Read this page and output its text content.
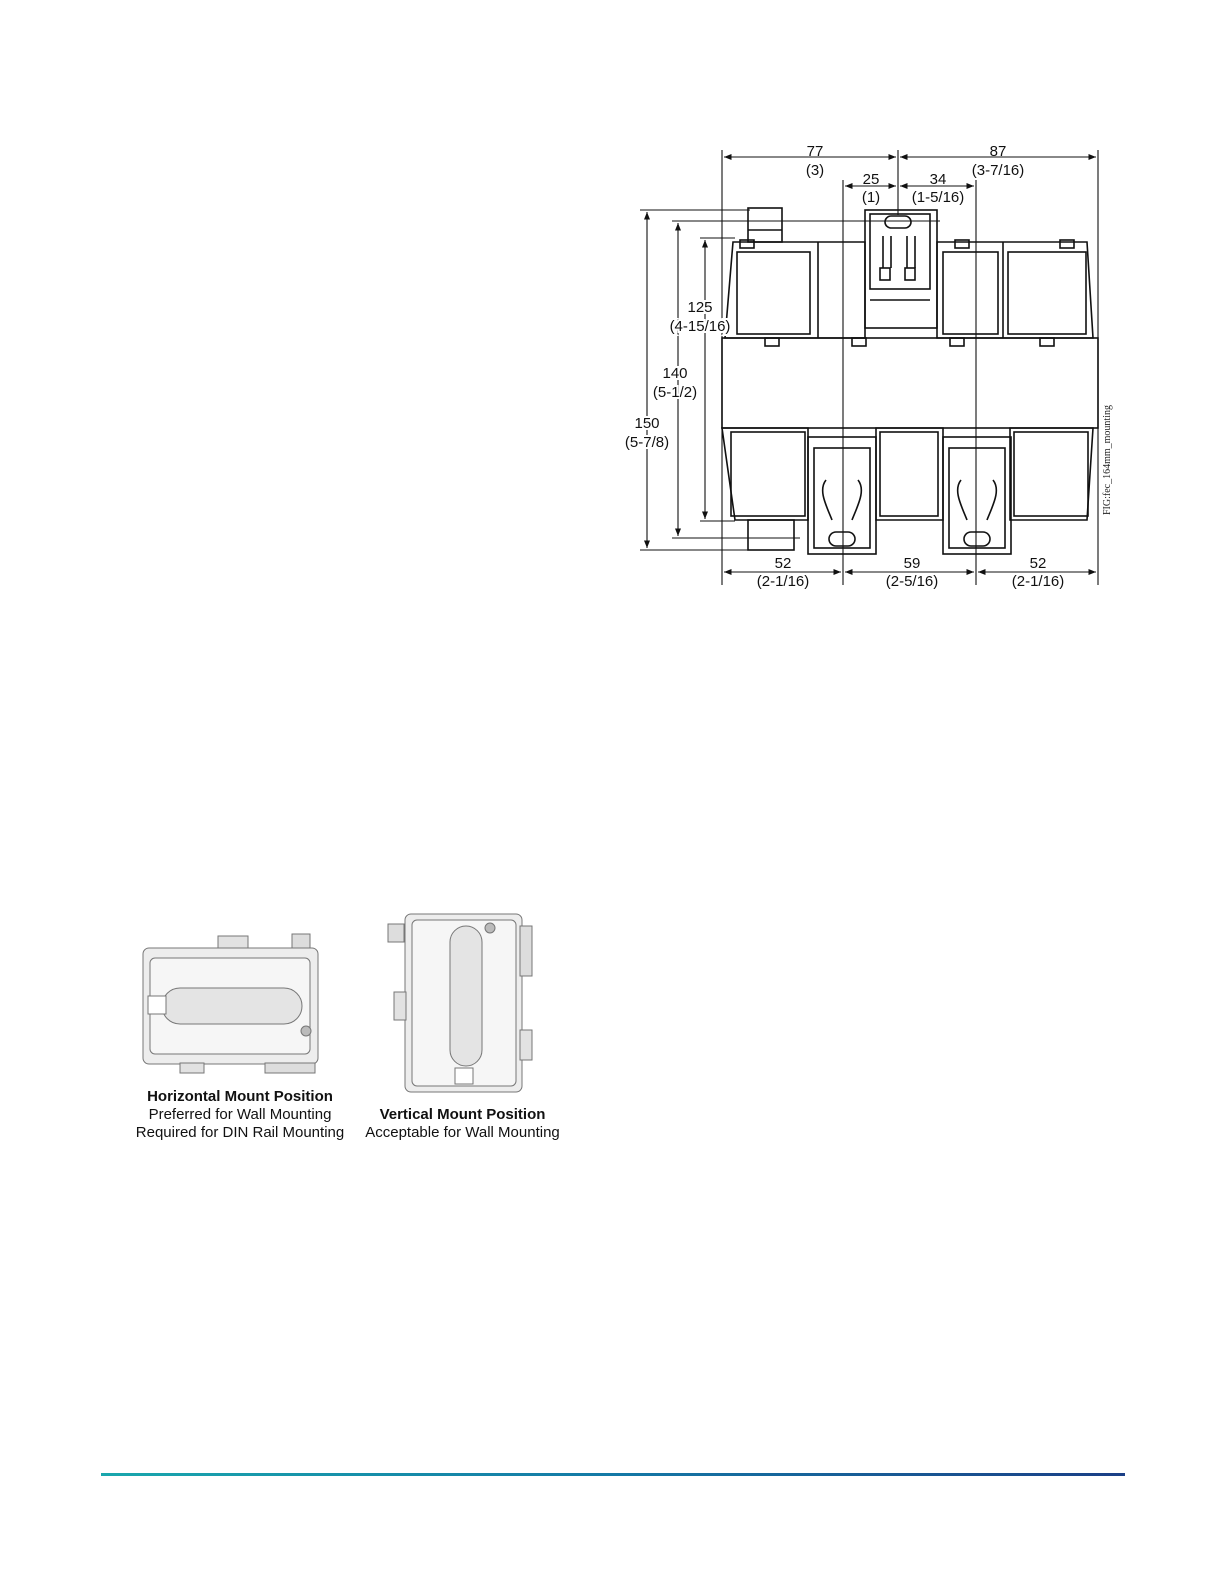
77
(3)
87
(3-7/16)
25
(1)
34
(1-5/16)
125
(4-15/16)
140
(5-1/2)
150
(5-7/8)
52
(2-1/16)
59
(2-5/16)
52
(2-1/16)
FIG:fec_164mm_mounting
Horizontal Mount Position
Preferred for Wall Mounting
Required for DIN Rail Mounting
Vertical Mount Position
Acceptable for Wall Mounting
